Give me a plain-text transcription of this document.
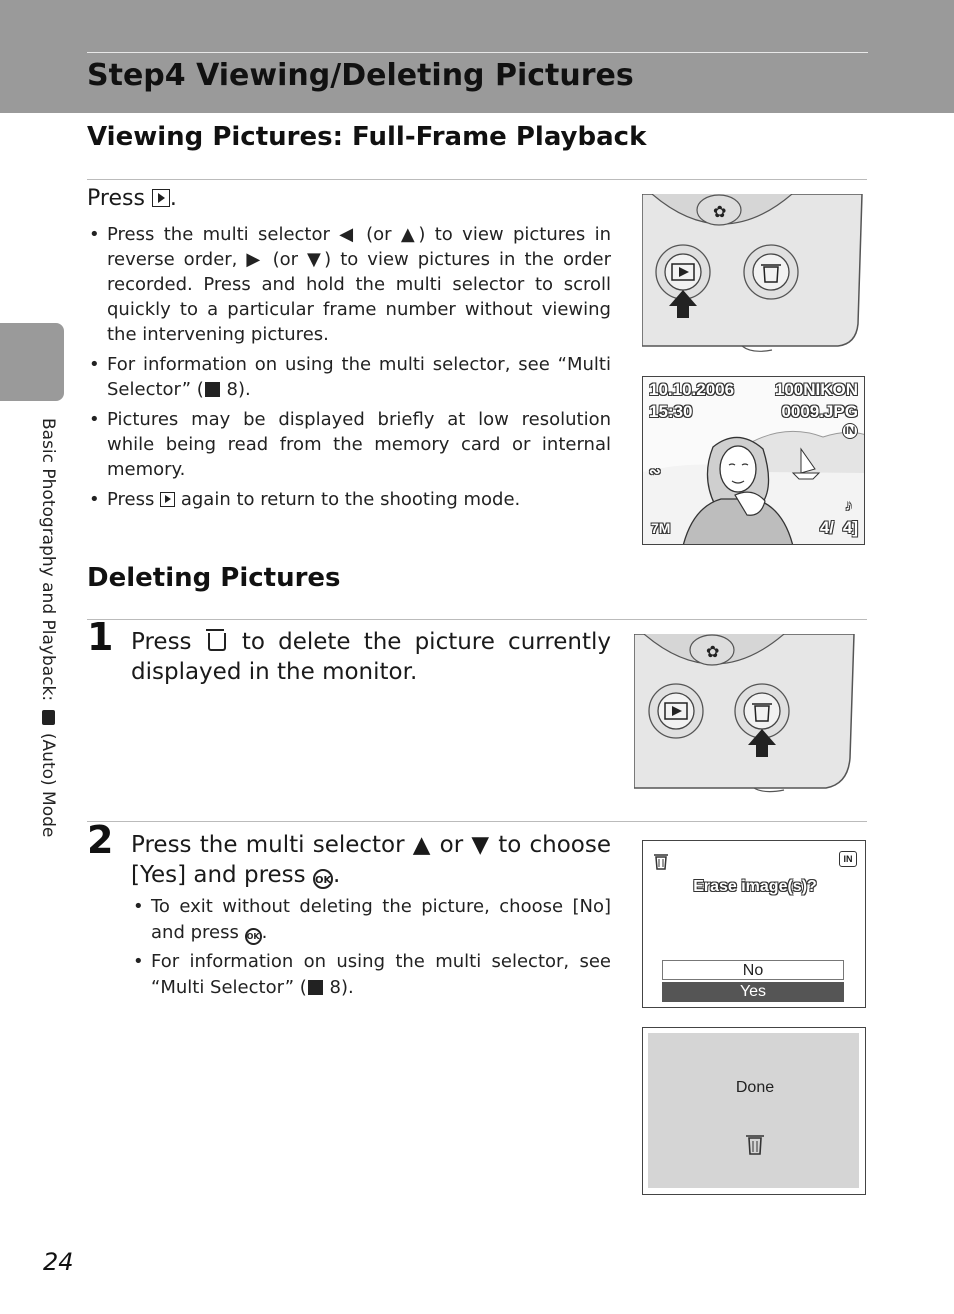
Step4 Viewing/Deleting Pictures
Basic Photography and Playback:  (Auto) Mode
Viewing Pictures: Full-Frame Playback
Press .
• Press the multi selector ◀ (or ▲) to view pictures in reverse order, ▶ (or ▼) to view pictures in the order recorded. Press and hold the multi selector to scroll quickly to a particular frame number without viewing the intervening pictures.
• For information on using the multi selector, see “Multi Selector” ( 8).
• Pictures may be displayed briefly at low resolution while being read from the memory card or internal memory.
• Press again to return to the shooting mode.
✿
10.10.2006
15:30
100NIKON
0009.JPG
IN
∾
7M
♪
4/ 4]
Deleting Pictures
1 Press to delete the picture currently displayed in the monitor.
✿
2 Press the multi selector ▲ or ▼ to choose [Yes] and press OK.
• To exit without deleting the picture, choose [No] and press OK .
• For information on using the multi selector, see “Multi Selector” ( 8).
IN
Erase image(s)?
No
Yes
Done
24
